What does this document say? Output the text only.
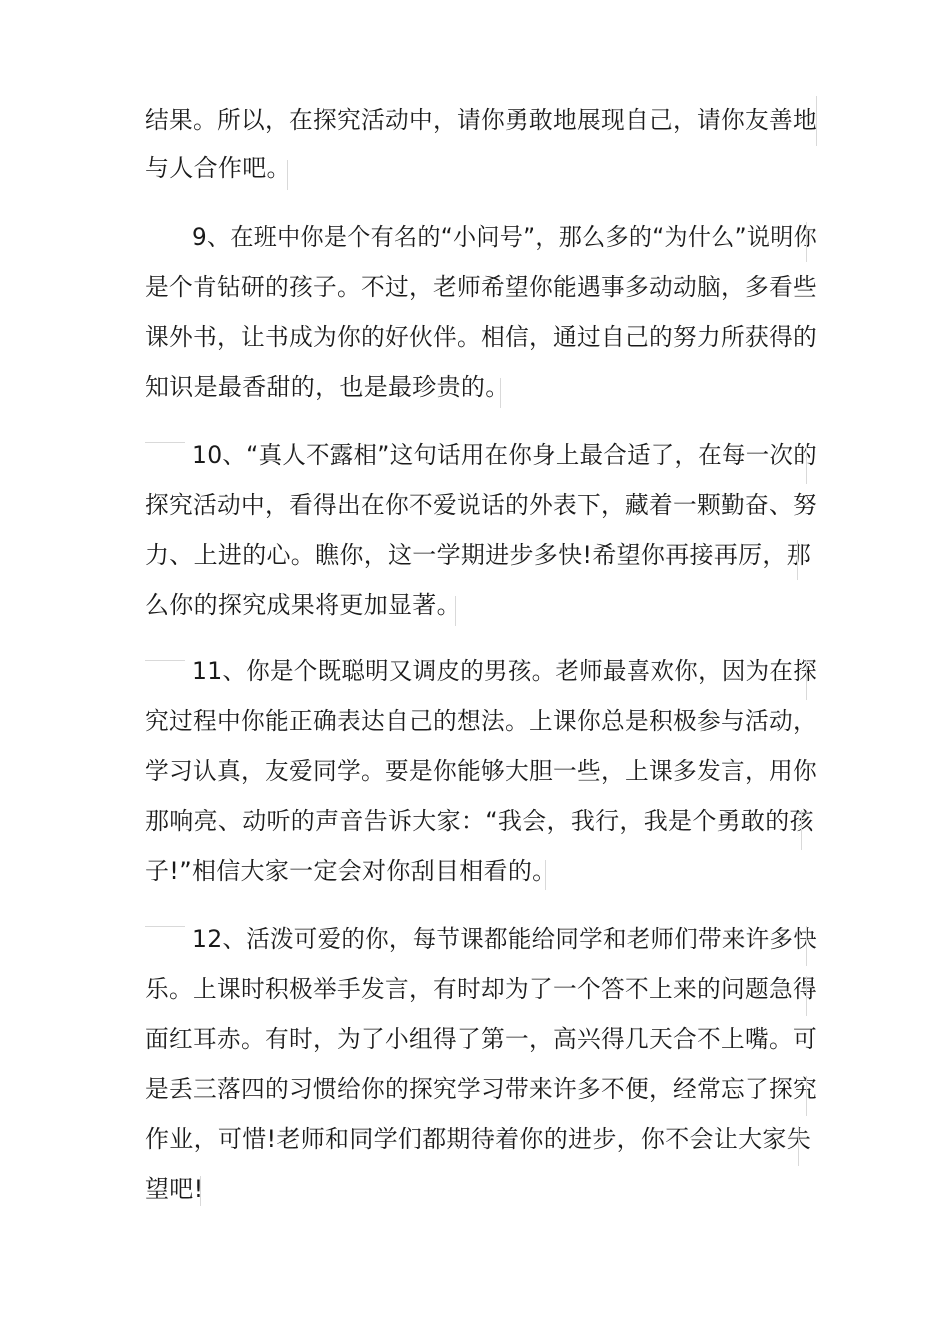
结果。所以，在探究活动中，请你勇敢地展现自己，请你友善地
与人合作吧。
9、在班中你是个有名的“小问号”，那么多的“为什么”说明你
是个肯钻研的孩子。不过，老师希望你能遇事多动动脑，多看些
课外书，让书成为你的好伙伴。相信，通过自己的努力所获得的
知识是最香甜的，也是最珍贵的。
10、“真人不露相”这句话用在你身上最合适了，在每一次的
探究活动中，看得出在你不爱说话的外表下，藏着一颗勤奋、努
力、上进的心。瞧你，这一学期进步多快!希望你再接再厉，那
么你的探究成果将更加显著。
11、你是个既聪明又调皮的男孩。老师最喜欢你，因为在探
究过程中你能正确表达自己的想法。上课你总是积极参与活动，
学习认真，友爱同学。要是你能够大胆一些，上课多发言，用你
那响亮、动听的声音告诉大家：“我会，我行，我是个勇敢的孩
子!”相信大家一定会对你刮目相看的。
12、活泼可爱的你，每节课都能给同学和老师们带来许多快
乐。上课时积极举手发言，有时却为了一个答不上来的问题急得
面红耳赤。有时，为了小组得了第一，高兴得几天合不上嘴。可
是丢三落四的习惯给你的探究学习带来许多不便，经常忘了探究
作业，可惜!老师和同学们都期待着你的进步，你不会让大家失
望吧!
